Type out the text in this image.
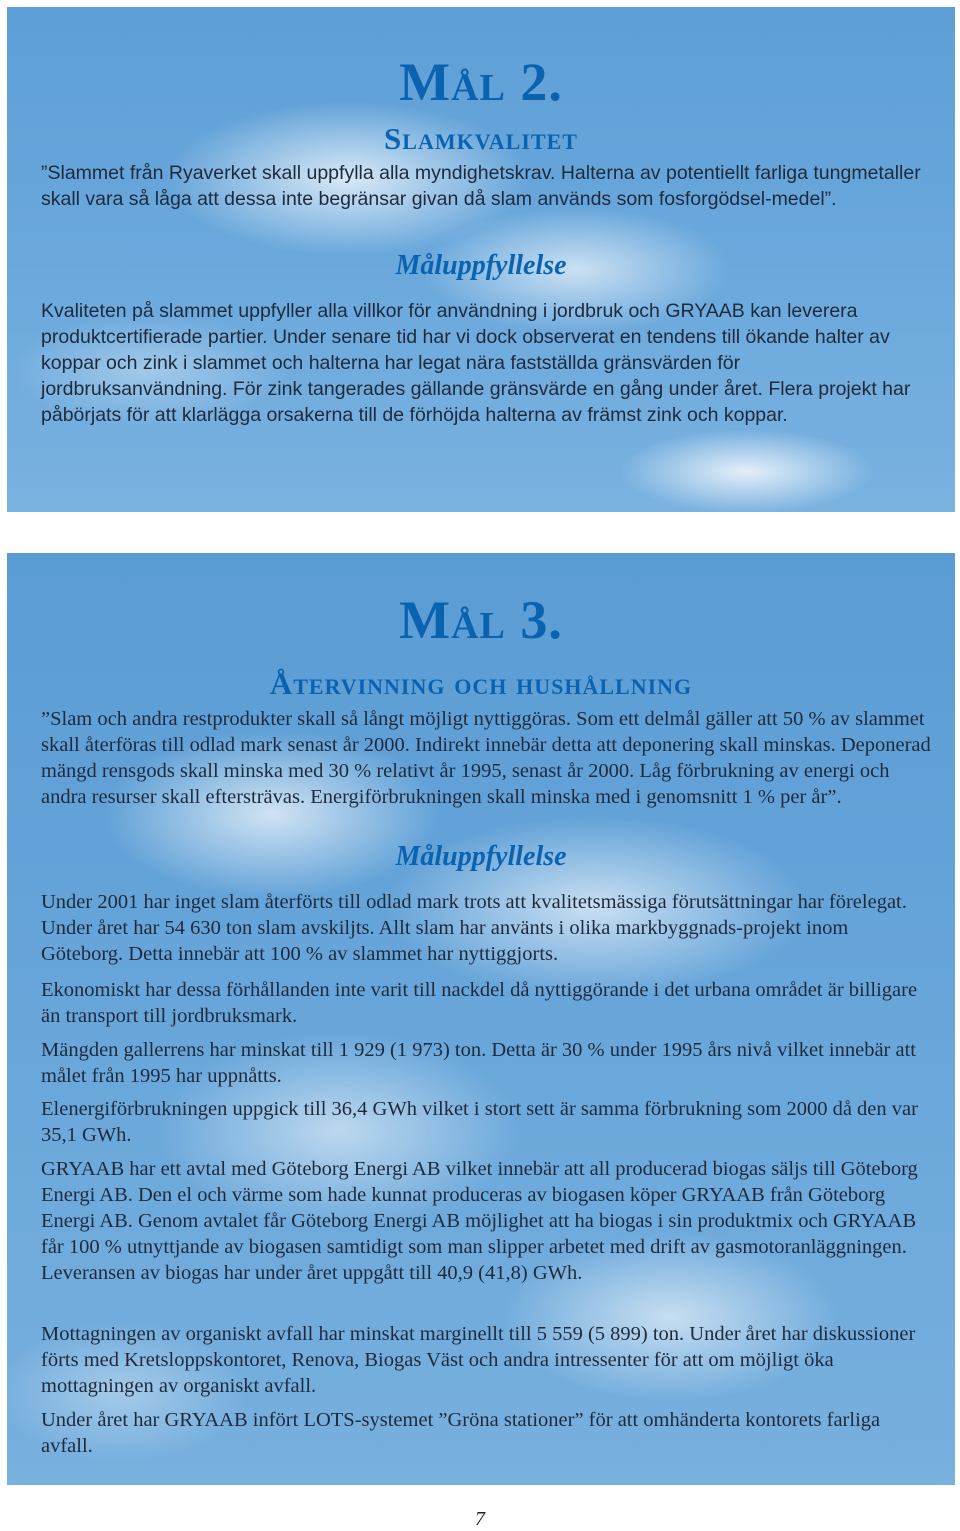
Mål 2.
Slamkvalitet

”Slammet från Ryaverket skall uppfylla alla myndighetskrav. Halterna av potentiellt farliga tungmetaller skall vara så låga att dessa inte begränsar givan då slam används som fosforgödsel-medel”.

Måluppfyllelse

Kvaliteten på slammet uppfyller alla villkor för användning i jordbruk och GRYAAB kan leverera produktcertifierade partier. Under senare tid har vi dock observerat en tendens till ökande halter av koppar och zink i slammet och halterna har legat nära fastställda gränsvärden för jordbruksanvändning. För zink tangerades gällande gränsvärde en gång under året. Flera projekt har påbörjats för att klarlägga orsakerna till de förhöjda halterna av främst zink och koppar.

Mål 3.
Återvinning och hushållning

”Slam och andra restprodukter skall så långt möjligt nyttiggöras. Som ett delmål gäller att 50 % av slammet skall återföras till odlad mark senast år 2000. Indirekt innebär detta att deponering skall minskas. Deponerad mängd rensgods skall minska med 30 % relativt år 1995, senast år 2000. Låg förbrukning av energi och andra resurser skall eftersträvas. Energiförbrukningen skall minska med i genomsnitt 1 % per år”.

Måluppfyllelse

Under 2001 har inget slam återförts till odlad mark trots att kvalitetsmässiga förutsättningar har förelegat. Under året har 54 630 ton slam avskiljts. Allt slam har använts i olika markbyggnads-projekt inom Göteborg. Detta innebär att 100 % av slammet har nyttiggjorts.

Ekonomiskt har dessa förhållanden inte varit till nackdel då nyttiggörande i det urbana området är billigare än transport till jordbruksmark.

Mängden gallerrens har minskat till 1 929 (1 973) ton. Detta är 30 % under 1995 års nivå vilket innebär att målet från 1995 har uppnåtts.

Elenergiförbrukningen uppgick till 36,4 GWh vilket i stort sett är samma förbrukning som 2000 då den var 35,1 GWh.

GRYAAB har ett avtal med Göteborg Energi AB vilket innebär att all producerad biogas säljs till Göteborg Energi AB. Den el och värme som hade kunnat produceras av biogasen köper GRYAAB från Göteborg Energi AB. Genom avtalet får Göteborg Energi AB möjlighet att ha biogas i sin produktmix och GRYAAB får 100 % utnyttjande av biogasen samtidigt som man slipper arbetet med drift av gasmotoranläggningen. Leveransen av biogas har under året uppgått till 40,9 (41,8) GWh.

Mottagningen av organiskt avfall har minskat marginellt till 5 559 (5 899) ton. Under året har diskussioner förts med Kretsloppskontoret, Renova, Biogas Väst och andra intressenter för att om möjligt öka mottagningen av organiskt avfall.

Under året har GRYAAB infört LOTS-systemet ”Gröna stationer” för att omhänderta kontorets farliga avfall.

7
